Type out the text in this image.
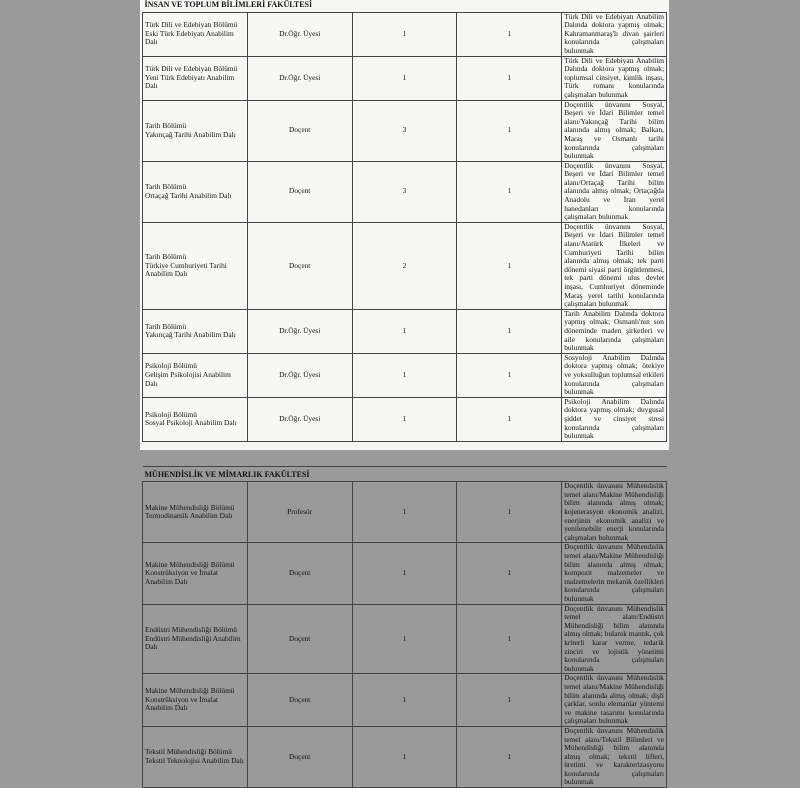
İNSAN VE TOPLUM BİLİMLERİ FAKÜLTESİ				

Türk Dili ve Edebiyatı Bölümü
Eski Türk Edebiyatı Anabilim Dalı	Dr.Öğr. Üyesi	1	1	Türk Dili ve Edebiyatı Anabilim Dalında doktora yapmış olmak; Kahramanmaraş'lı divan şairleri konularında çalışmaları bulunmak

Türk Dili ve Edebiyatı Bölümü
Yeni Türk Edebiyatı Anabilim Dalı	Dr.Öğr. Üyesi	1	1	Türk Dili ve Edebiyatı Anabilim Dalında doktora yapmış olmak; toplumsal cinsiyet, kimlik inşası, Türk romanı konularında çalışmaları bulunmak

Tarih Bölümü
Yakınçağ Tarihi Anabilim Dalı	Doçent	3	1	Doçentlik ünvanını Sosyal, Beşeri ve İdari Bilimler temel alanı/Yakınçağ Tarihi bilim alanında almış olmak; Balkan, Maraş ve Osmanlı tarihi konularında çalışmaları bulunmak

Tarih Bölümü
Ortaçağ Tarihi Anabilim Dalı	Doçent	3	1	Doçentlik ünvanını Sosyal, Beşeri ve İdari Bilimler temel alanı/Ortaçağ Tarihi bilim alanında almış olmak; Ortaçağda Anadolu ve İran yerel hanedanları konularında çalışmaları bulunmak

Tarih Bölümü
Türkiye Cumhuriyeti Tarihi Anabilim Dalı	Doçent	2	1	Doçentlik ünvanını Sosyal, Beşeri ve İdari Bilimler temel alanı/Atatürk İlkeleri ve Cumhuriyeti Tarihi bilim alanında almış olmak; tek parti dönemi siyasi parti örgütlenmesi, tek parti dönemi ulus devlet inşası, Cumhuriyet döneminde Maraş yerel tarihi konularında çalışmaları bulunmak

Tarih Bölümü
Yakınçağ Tarihi Anabilim Dalı	Dr.Öğr. Üyesi	1	1	Tarih Anabilim Dalında doktora yapmış olmak; Osmanlı'nın son döneminde maden şirketleri ve aile konularında çalışmaları bulunmak

Psikoloji Bölümü
Gelişim Psikolojisi Anabilim Dalı	Dr.Öğr. Üyesi	1	1	Sosyoloji Anabilim Dalında doktora yapmış olmak; ötekiye ve yoksulluğun toplumsal etkileri konularında çalışmaları bulunmak

Psikoloji Bölümü
Sosyal Psikoloji Anabilim Dalı	Dr.Öğr. Üyesi	1	1	Psikoloji Anabilim Dalında doktora yapmış olmak; duygusal şiddet ve cinsiyet stresi konularında çalışmaları bulunmak

MÜHENDİSLİK VE MİMARLIK FAKÜLTESİ				

Makine Mühendisliği Bölümü
Termodinamik Anabilim Dalı	Profesör	1	1	Doçentlik ünvanını Mühendislik temel alanı/Makine Mühendisliği bilim alanında almış olmak; kojenerasyon ekonomik analizi, enerjinin ekonomik analizi ve yenilenebilir enerji konularında çalışmaları bulunmak

Makine Mühendisliği Bölümü
Konstrüksiyon ve İmalat Anabilim Dalı	Doçent	1	1	Doçentlik ünvanını Mühendislik temel alanı/Makine Mühendisliği bilim alanında almış olmak; kompozit malzemeler ve malzemelerin mekanik özellikleri konularında çalışmaları bulunmak

Endüstri Mühendisliği Bölümü
Endüstri Mühendisliği Anabilim Dalı	Doçent	1	1	Doçentlik ünvanını Mühendislik temel alanı/Endüstri Mühendisliği bilim alanında almış olmak; bulanık mantık, çok kriterli karar verme, tedarik zinciri ve lojistik yönetimi konularında çalışmaları bulunmak

Makine Mühendisliği Bölümü
Konstrüksiyon ve İmalat Anabilim Dalı	Doçent	1	1	Doçentlik ünvanını Mühendislik temel alanı/Makine Mühendisliği bilim alanında almış olmak; dişli çarklar, sonlu elemanlar yöntemi ve makine tasarımı konularında çalışmaları bulunmak

Tekstil Mühendisliği Bölümü
Tekstil Teknolojisi Anabilim Dalı	Doçent	1	1	Doçentlik ünvanını Mühendislik temel alanı/Tekstil Bilimleri ve Mühendisliği bilim alanında almış olmak; tekstil lifleri, üretimi ve karakterizasyonu konularında çalışmaları bulunmak
